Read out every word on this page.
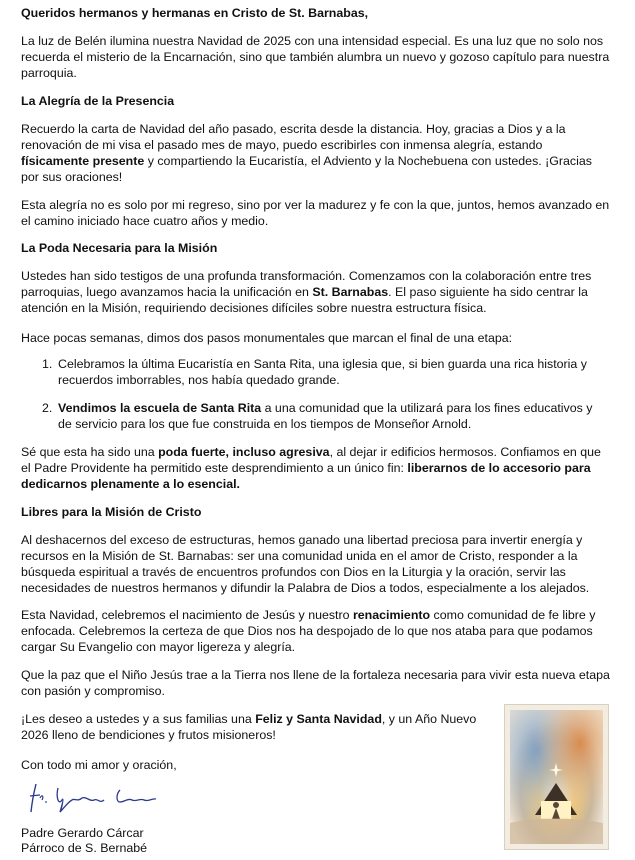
Queridos hermanos y hermanas en Cristo de St. Barnabas,

La luz de Belén ilumina nuestra Navidad de 2025 con una intensidad especial. Es una luz que no solo nos recuerda el misterio de la Encarnación, sino que también alumbra un nuevo y gozoso capítulo para nuestra parroquia.

La Alegría de la Presencia

Recuerdo la carta de Navidad del año pasado, escrita desde la distancia. Hoy, gracias a Dios y a la renovación de mi visa el pasado mes de mayo, puedo escribirles con inmensa alegría, estando físicamente presente y compartiendo la Eucaristía, el Adviento y la Nochebuena con ustedes. ¡Gracias por sus oraciones!

Esta alegría no es solo por mi regreso, sino por ver la madurez y fe con la que, juntos, hemos avanzado en el camino iniciado hace cuatro años y medio.

La Poda Necesaria para la Misión

Ustedes han sido testigos de una profunda transformación. Comenzamos con la colaboración entre tres parroquias, luego avanzamos hacia la unificación en St. Barnabas. El paso siguiente ha sido centrar la atención en la Misión, requiriendo decisiones difíciles sobre nuestra estructura física.

Hace pocas semanas, dimos dos pasos monumentales que marcan el final de una etapa:

1. Celebramos la última Eucaristía en Santa Rita, una iglesia que, si bien guarda una rica historia y recuerdos imborrables, nos había quedado grande.
2. Vendimos la escuela de Santa Rita a una comunidad que la utilizará para los fines educativos y de servicio para los que fue construida en los tiempos de Monseñor Arnold.

Sé que esta ha sido una poda fuerte, incluso agresiva, al dejar ir edificios hermosos. Confiamos en que el Padre Providente ha permitido este desprendimiento a un único fin: liberarnos de lo accesorio para dedicarnos plenamente a lo esencial.

Libres para la Misión de Cristo

Al deshacernos del exceso de estructuras, hemos ganado una libertad preciosa para invertir energía y recursos en la Misión de St. Barnabas: ser una comunidad unida en el amor de Cristo, responder a la búsqueda espiritual a través de encuentros profundos con Dios en la Liturgia y la oración, servir las necesidades de nuestros hermanos y difundir la Palabra de Dios a todos, especialmente a los alejados.

Esta Navidad, celebremos el nacimiento de Jesús y nuestro renacimiento como comunidad de fe libre y enfocada. Celebremos la certeza de que Dios nos ha despojado de lo que nos ataba para que podamos cargar Su Evangelio con mayor ligereza y alegría.

Que la paz que el Niño Jesús trae a la Tierra nos llene de la fortaleza necesaria para vivir esta nueva etapa con pasión y compromiso.

¡Les deseo a ustedes y a sus familias una Feliz y Santa Navidad, y un Año Nuevo 2026 lleno de bendiciones y frutos misioneros!

Con todo mi amor y oración,

Padre Gerardo Cárcar

Párroco de S. Bernabé
